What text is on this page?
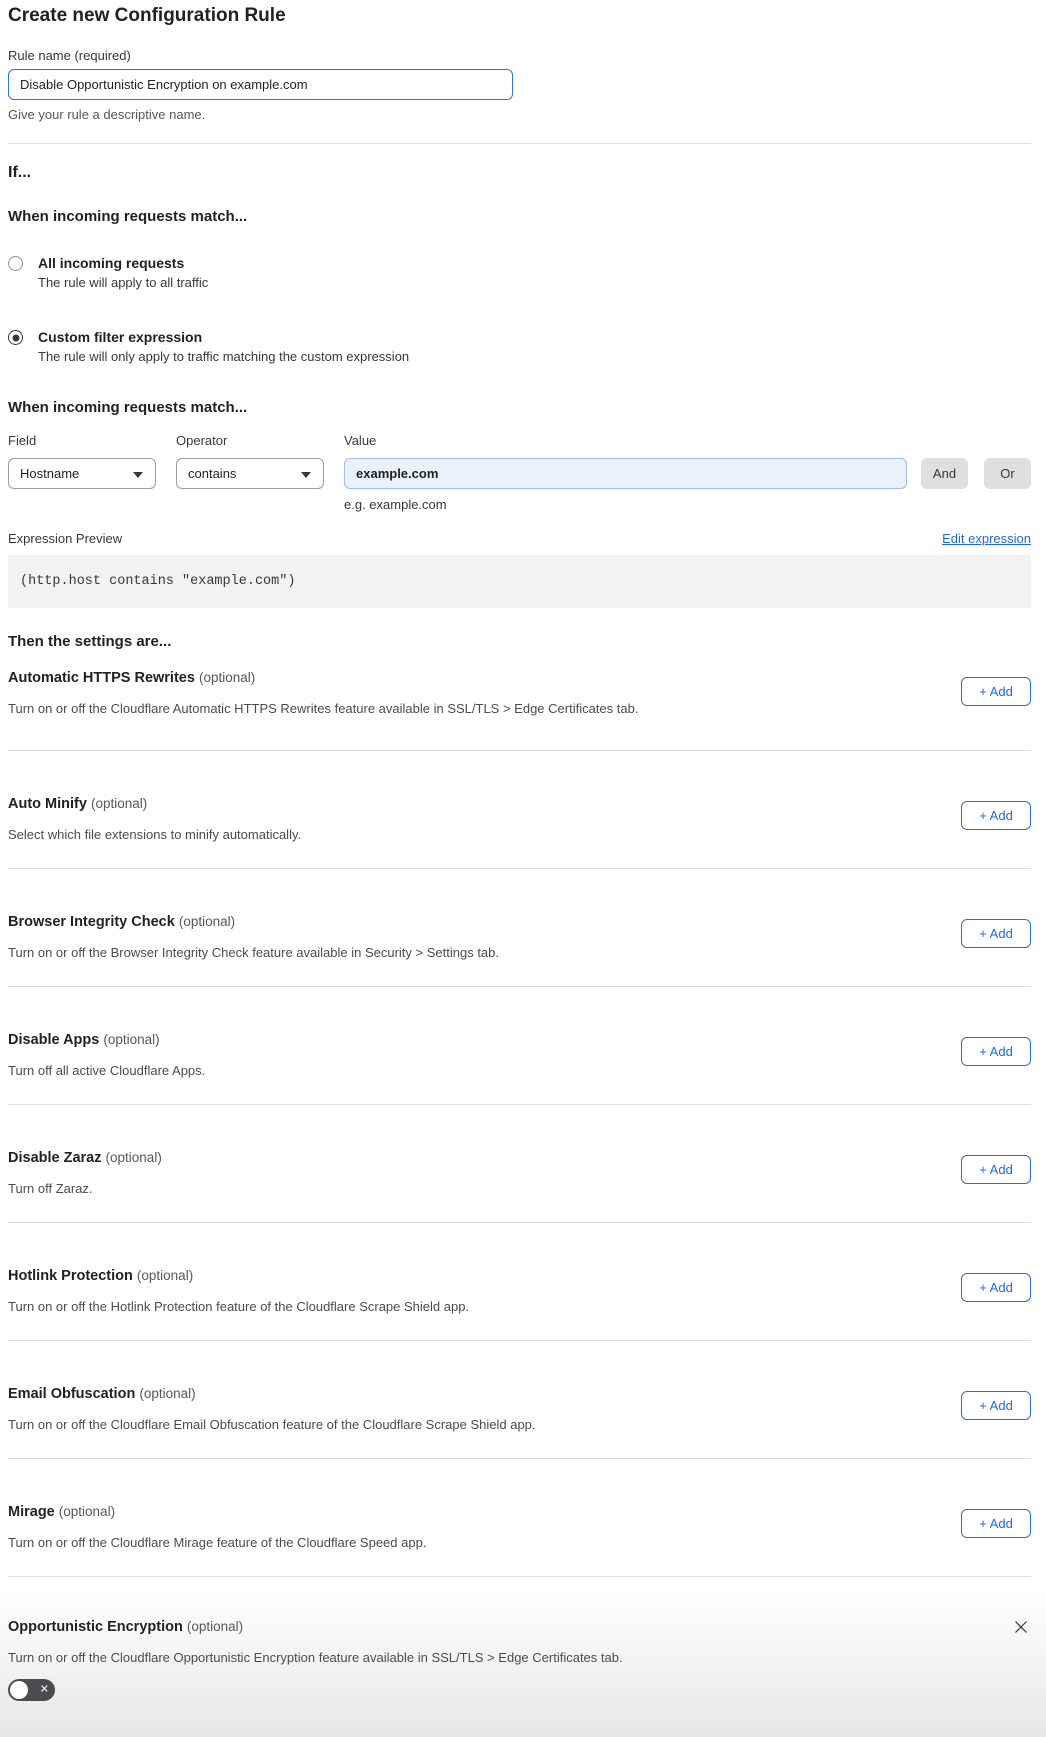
Create new Configuration Rule
Rule name (required)
Disable Opportunistic Encryption on example.com
Give your rule a descriptive name.
If...
When incoming requests match...
All incoming requests
The rule will apply to all traffic
Custom filter expression
The rule will only apply to traffic matching the custom expression
When incoming requests match...
Field
Hostname
Operator
contains
Value
example.com
e.g. example.com
And	Or
Expression Preview	Edit expression
(http.host contains "example.com")
Then the settings are...
Automatic HTTPS Rewrites (optional)
Turn on or off the Cloudflare Automatic HTTPS Rewrites feature available in SSL/TLS > Edge Certificates tab.
+ Add
Auto Minify (optional)
Select which file extensions to minify automatically.
+ Add
Browser Integrity Check (optional)
Turn on or off the Browser Integrity Check feature available in Security > Settings tab.
+ Add
Disable Apps (optional)
Turn off all active Cloudflare Apps.
+ Add
Disable Zaraz (optional)
Turn off Zaraz.
+ Add
Hotlink Protection (optional)
Turn on or off the Hotlink Protection feature of the Cloudflare Scrape Shield app.
+ Add
Email Obfuscation (optional)
Turn on or off the Cloudflare Email Obfuscation feature of the Cloudflare Scrape Shield app.
+ Add
Mirage (optional)
Turn on or off the Cloudflare Mirage feature of the Cloudflare Speed app.
+ Add
Opportunistic Encryption (optional)
Turn on or off the Cloudflare Opportunistic Encryption feature available in SSL/TLS > Edge Certificates tab.
✕
